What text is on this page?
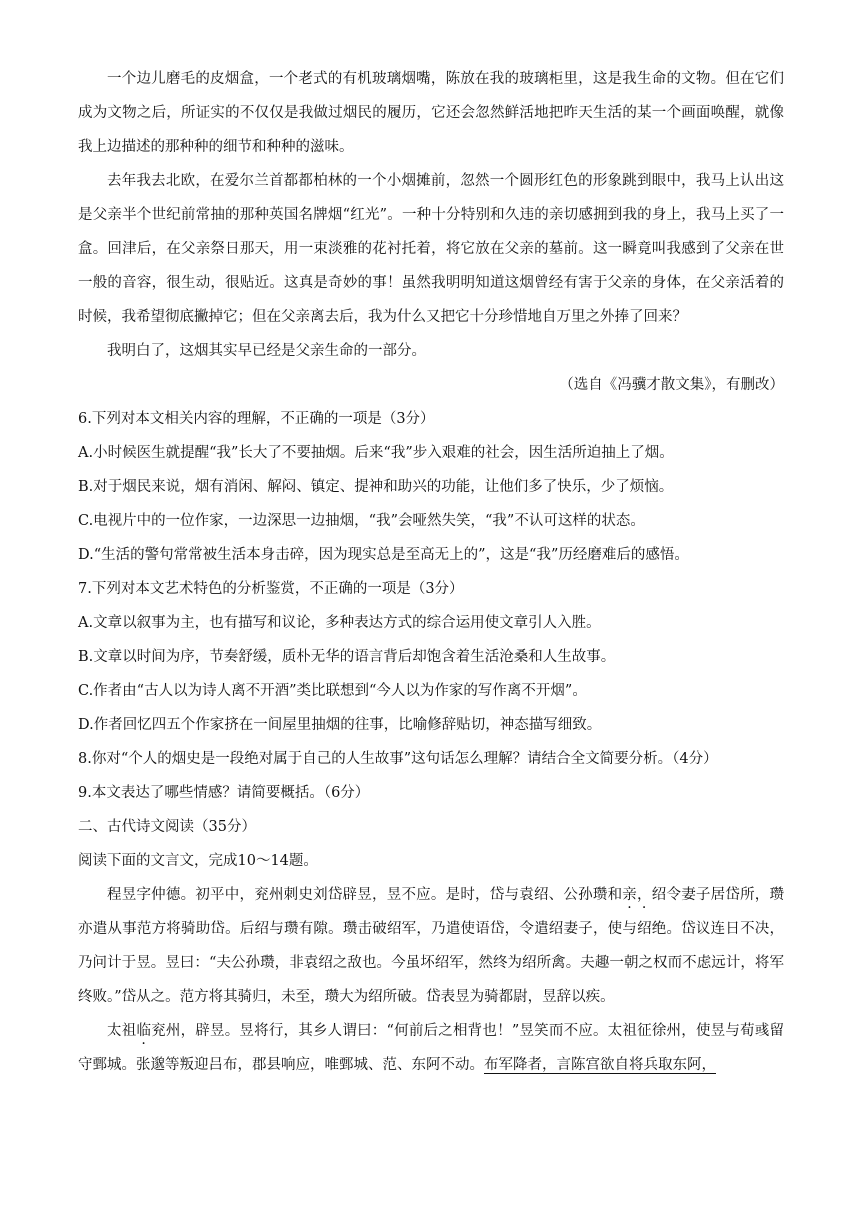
一个边儿磨毛的皮烟盒，一个老式的有机玻璃烟嘴，陈放在我的玻璃柜里，这是我生命的文物。但在它们成为文物之后，所证实的不仅仅是我做过烟民的履历，它还会忽然鲜活地把昨天生活的某一个画面唤醒，就像我上边描述的那种种的细节和种种的滋味。

去年我去北欧，在爱尔兰首都都柏林的一个小烟摊前，忽然一个圆形红色的形象跳到眼中，我马上认出这是父亲半个世纪前常抽的那种英国名牌烟“红光”。一种十分特别和久违的亲切感拥到我的身上，我马上买了一盒。回津后，在父亲祭日那天，用一束淡雅的花衬托着，将它放在父亲的墓前。这一瞬竟叫我感到了父亲在世一般的音容，很生动，很贴近。这真是奇妙的事！虽然我明明知道这烟曾经有害于父亲的身体，在父亲活着的时候，我希望彻底撇掉它；但在父亲离去后，我为什么又把它十分珍惜地自万里之外捧了回来？

我明白了，这烟其实早已经是父亲生命的一部分。

（选自《冯骥才散文集》，有删改）

6.下列对本文相关内容的理解，不正确的一项是（3分）

A.小时候医生就提醒“我”长大了不要抽烟。后来“我”步入艰难的社会，因生活所迫抽上了烟。

B.对于烟民来说，烟有消闲、解闷、镇定、提神和助兴的功能，让他们多了快乐，少了烦恼。

C.电视片中的一位作家，一边深思一边抽烟，“我”会哑然失笑，“我”不认可这样的状态。

D.“生活的警句常常被生活本身击碎，因为现实总是至高无上的”，这是“我”历经磨难后的感悟。

7.下列对本文艺术特色的分析鉴赏，不正确的一项是（3分）

A.文章以叙事为主，也有描写和议论，多种表达方式的综合运用使文章引人入胜。

B.文章以时间为序，节奏舒缓，质朴无华的语言背后却饱含着生活沧桑和人生故事。

C.作者由“古人以为诗人离不开酒”类比联想到“今人以为作家的写作离不开烟”。

D.作者回忆四五个作家挤在一间屋里抽烟的往事，比喻修辞贴切，神态描写细致。

8.你对“个人的烟史是一段绝对属于自己的人生故事”这句话怎么理解？请结合全文简要分析。（4分）

9.本文表达了哪些情感？请简要概括。（6分）

二、古代诗文阅读（35分）

阅读下面的文言文，完成10～14题。

程昱字仲德。初平中，兖州刺史刘岱辟昱，昱不应。是时，岱与袁绍、公孙瓒和亲，绍令妻子居岱所，瓒亦遣从事范方将骑助岱。后绍与瓒有隙。瓒击破绍军，乃遣使语岱，令遣绍妻子，使与绍绝。岱议连日不决，乃问计于昱。昱曰：“夫公孙瓒，非袁绍之敌也。今虽坏绍军，然终为绍所禽。夫趣一朝之权而不虑远计，将军终败。”岱从之。范方将其骑归，未至，瓒大为绍所破。岱表昱为骑都尉，昱辞以疾。

太祖临兖州，辟昱。昱将行，其乡人谓曰：“何前后之相背也！”昱笑而不应。太祖征徐州，使昱与荀彧留守鄄城。张邈等叛迎吕布，郡县响应，唯鄄城、范、东阿不动。布军降者，言陈宫欲自将兵取东阿，
